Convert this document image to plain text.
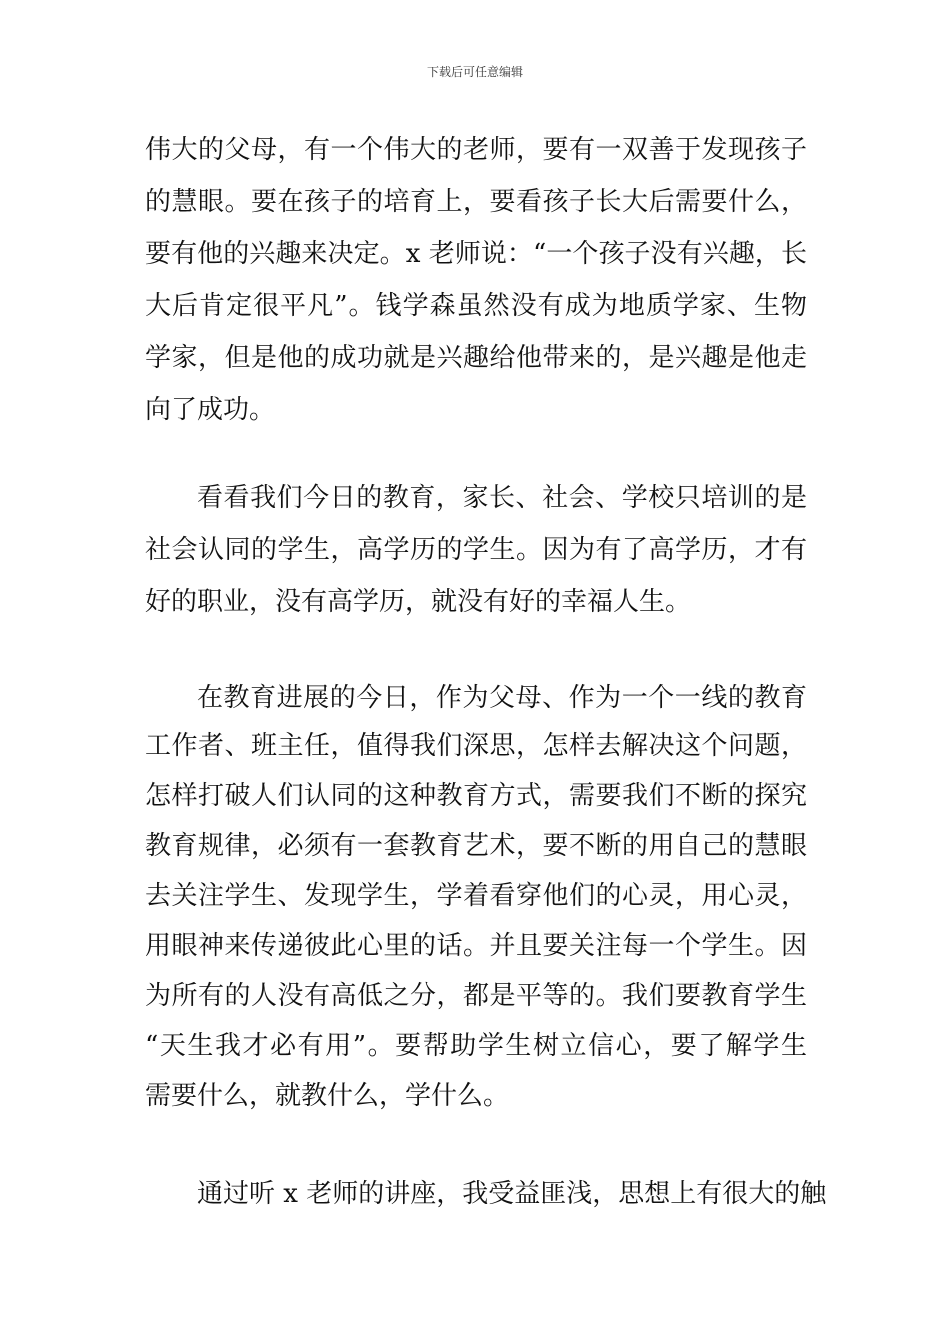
下载后可任意编辑
伟大的父母，有一个伟大的老师，要有一双善于发现孩子
的慧眼。要在孩子的培育上，要看孩子长大后需要什么，
要有他的兴趣来决定。x 老师说：“一个孩子没有兴趣，长
大后肯定很平凡”。钱学森虽然没有成为地质学家、生物
学家，但是他的成功就是兴趣给他带来的，是兴趣是他走
向了成功。
看看我们今日的教育，家长、社会、学校只培训的是
社会认同的学生，高学历的学生。因为有了高学历，才有
好的职业，没有高学历，就没有好的幸福人生。
在教育进展的今日，作为父母、作为一个一线的教育
工作者、班主任，值得我们深思，怎样去解决这个问题，
怎样打破人们认同的这种教育方式，需要我们不断的探究
教育规律，必须有一套教育艺术，要不断的用自己的慧眼
去关注学生、发现学生，学着看穿他们的心灵，用心灵，
用眼神来传递彼此心里的话。并且要关注每一个学生。因
为所有的人没有高低之分，都是平等的。我们要教育学生
“天生我才必有用”。要帮助学生树立信心，要了解学生
需要什么，就教什么，学什么。
通过听 x 老师的讲座，我受益匪浅，思想上有很大的触
